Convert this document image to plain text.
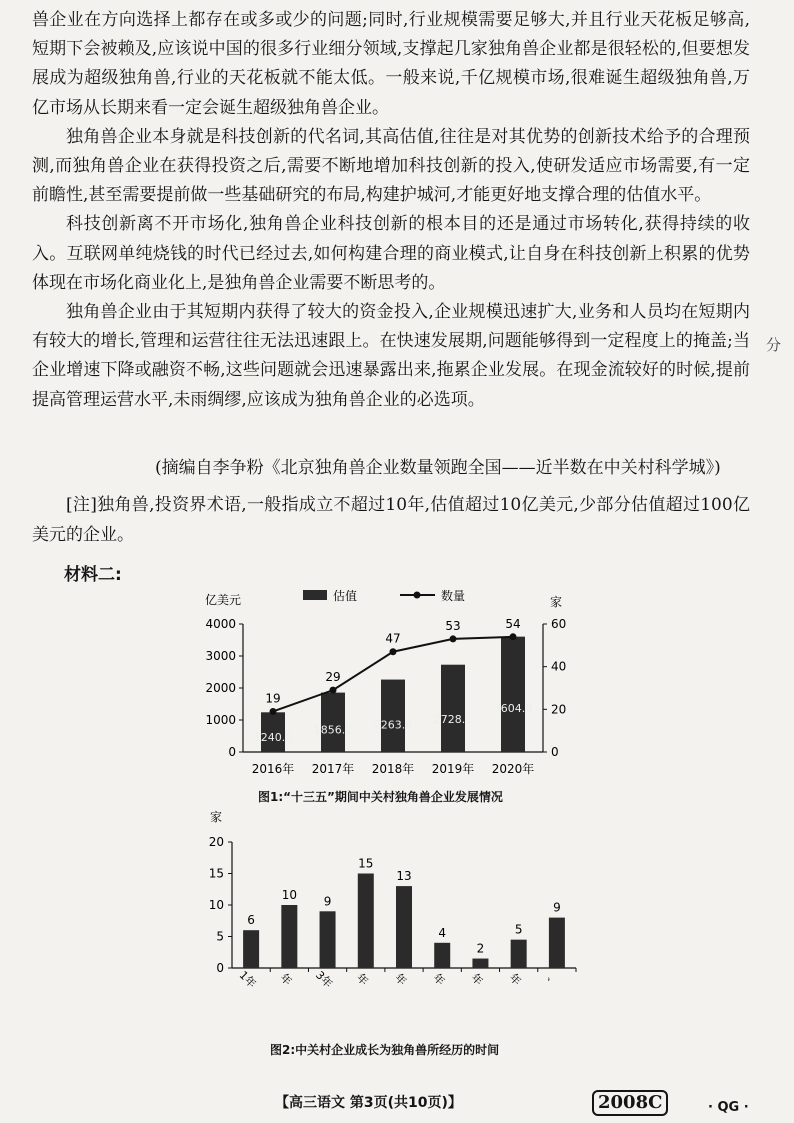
兽企业在方向选择上都存在或多或少的问题;同时,行业规模需要足够大,并且行业天花板足够高,短期下会被赖及,应该说中国的很多行业细分领域,支撑起几家独角兽企业都是很轻松的,但要想发展成为超级独角兽,行业的天花板就不能太低。一般来说,千亿规模市场,很难诞生超级独角兽,万亿市场从长期来看一定会诞生超级独角兽企业。

独角兽企业本身就是科技创新的代名词,其高估值,往往是对其优势的创新技术给予的合理预测,而独角兽企业在获得投资之后,需要不断地增加科技创新的投入,使研发适应市场需要,有一定前瞻性,甚至需要提前做一些基础研究的布局,构建护城河,才能更好地支撑合理的估值水平。

科技创新离不开市场化,独角兽企业科技创新的根本目的还是通过市场转化,获得持续的收入。互联网单纯烧钱的时代已经过去,如何构建合理的商业模式,让自身在科技创新上积累的优势体现在市场化商业化上,是独角兽企业需要不断思考的。

独角兽企业由于其短期内获得了较大的资金投入,企业规模迅速扩大,业务和人员均在短期内有较大的增长,管理和运营往往无法迅速跟上。在快速发展期,问题能够得到一定程度上的掩盖;当企业增速下降或融资不畅,这些问题就会迅速暴露出来,拖累企业发展。在现金流较好的时候,提前提高管理运营水平,未雨绸缪,应该成为独角兽企业的必选项。

(摘编自李争粉《北京独角兽企业数量领跑全国——近半数在中关村科学城》)
[注]独角兽,投资界术语,一般指成立不超过10年,估值超过10亿美元,少部分估值超过100亿美元的企业。
材料二:
分
亿美元	家
估值	数量
0
1000
2000
3000
4000
0
20
40
60
1240.5
2016年
1856.2
2017年
2263.6
2018年
2728.1
2019年
3604.8
2020年
19
29
47
53	54
图1:“十三五”期间中关村独角兽企业发展情况
家
0
5
10
15
20
6
1年
10
年
9
3年
15
年
13
年
4
年
2
年
5
年
9
、
图2:中关村企业成长为独角兽所经历的时间
【高三语文 第3页(共10页)】	2008C	· QG ·
